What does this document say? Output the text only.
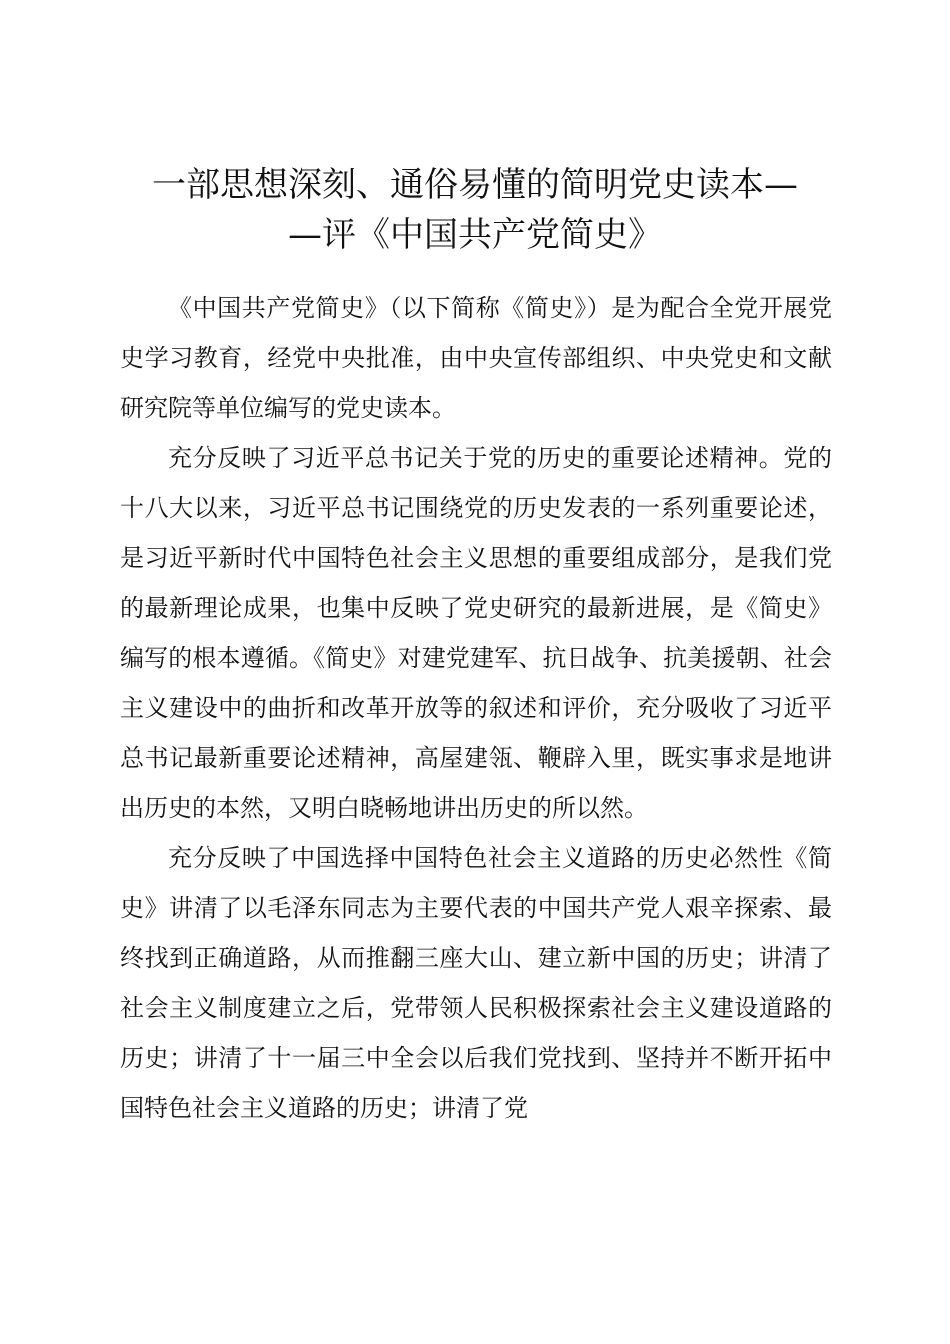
一部思想深刻、通俗易懂的简明党史读本—
—评《中国共产党简史》

《中国共产党简史》（以下简称《简史》）是为配合全党开展党史学习教育，经党中央批准，由中央宣传部组织、中央党史和文献研究院等单位编写的党史读本。

充分反映了习近平总书记关于党的历史的重要论述精神。党的十八大以来，习近平总书记围绕党的历史发表的一系列重要论述，是习近平新时代中国特色社会主义思想的重要组成部分，是我们党的最新理论成果，也集中反映了党史研究的最新进展，是《简史》编写的根本遵循。《简史》对建党建军、抗日战争、抗美援朝、社会主义建设中的曲折和改革开放等的叙述和评价，充分吸收了习近平总书记最新重要论述精神，高屋建瓴、鞭辟入里，既实事求是地讲出历史的本然，又明白晓畅地讲出历史的所以然。

充分反映了中国选择中国特色社会主义道路的历史必然性《简史》讲清了以毛泽东同志为主要代表的中国共产党人艰辛探索、最终找到正确道路，从而推翻三座大山、建立新中国的历史；讲清了社会主义制度建立之后，党带领人民积极探索社会主义建设道路的历史；讲清了十一届三中全会以后我们党找到、坚持并不断开拓中国特色社会主义道路的历史；讲清了党
